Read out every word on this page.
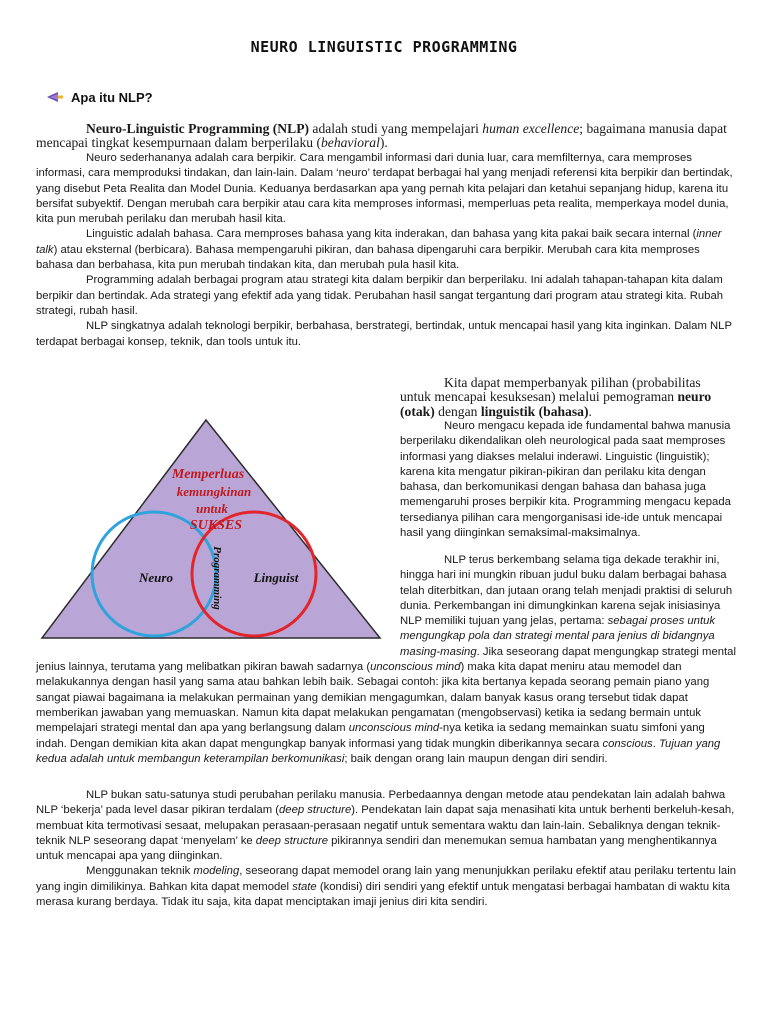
NEURO LINGUISTIC PROGRAMMING
Apa itu NLP?
Neuro-Linguistic Programming (NLP) adalah studi yang mempelajari human excellence; bagaimana manusia dapat mencapai tingkat kesempurnaan dalam berperilaku (behavioral).

Neuro sederhananya adalah cara berpikir. Cara mengambil informasi dari dunia luar, cara memfilternya, cara memproses informasi, cara memproduksi tindakan, dan lain-lain. Dalam ‘neuro’ terdapat berbagai hal yang menjadi referensi kita berpikir dan bertindak, yang disebut Peta Realita dan Model Dunia. Keduanya berdasarkan apa yang pernah kita pelajari dan ketahui sepanjang hidup, karena itu bersifat subyektif. Dengan merubah cara berpikir atau cara kita memproses informasi, memperluas peta realita, memperkaya model dunia, kita pun merubah perilaku dan merubah hasil kita.

Linguistic adalah bahasa. Cara memproses bahasa yang kita inderakan, dan bahasa yang kita pakai baik secara internal (inner talk) atau eksternal (berbicara). Bahasa mempengaruhi pikiran, dan bahasa dipengaruhi cara berpikir. Merubah cara kita memproses bahasa dan berbahasa, kita pun merubah tindakan kita, dan merubah pula hasil kita.

Programming adalah berbagai program atau strategi kita dalam berpikir dan berperilaku. Ini adalah tahapan-tahapan kita dalam berpikir dan bertindak. Ada strategi yang efektif ada yang tidak. Perubahan hasil sangat tergantung dari program atau strategi kita. Rubah strategi, rubah hasil.

NLP singkatnya adalah teknologi berpikir, berbahasa, berstrategi, bertindak, untuk mencapai hasil yang kita inginkan. Dalam NLP terdapat berbagai konsep, teknik, dan tools untuk itu.

Memperluas
kemungkinan
untuk
SUKSES
Neuro	Linguist
Programming
Kita dapat memperbanyak pilihan (probabilitas untuk mencapai kesuksesan) melalui pemograman neuro (otak) dengan linguistik (bahasa).
Neuro mengacu kepada ide fundamental bahwa manusia berperilaku dikendalikan oleh neurological pada saat memproses informasi yang diakses melalui inderawi. Linguistic (linguistik); karena kita mengatur pikiran-pikiran dan perilaku kita dengan bahasa, dan berkomunikasi dengan bahasa dan bahasa juga memengaruhi proses berpikir kita. Programming mengacu kepada tersedianya pilihan cara mengorganisasi ide-ide untuk mencapai hasil yang diinginkan semaksimal-maksimalnya.
NLP terus berkembang selama tiga dekade terakhir ini, hingga hari ini mungkin ribuan judul buku dalam berbagai bahasa telah diterbitkan, dan jutaan orang telah menjadi praktisi di seluruh dunia. Perkembangan ini dimungkinkan karena sejak inisiasinya NLP memiliki tujuan yang jelas, pertama: sebagai proses untuk mengungkap pola dan strategi mental para jenius di bidangnya masing-masing. Jika seseorang dapat mengungkap strategi mental jenius lainnya, terutama yang melibatkan pikiran bawah sadarnya (unconscious mind) maka kita dapat meniru atau memodel dan melakukannya dengan hasil yang sama atau bahkan lebih baik. Sebagai contoh: jika kita bertanya kepada seorang pemain piano yang sangat piawai bagaimana ia melakukan permainan yang demikian mengagumkan, dalam banyak kasus orang tersebut tidak dapat memberikan jawaban yang memuaskan. Namun kita dapat melakukan pengamatan (mengobservasi) ketika ia sedang bermain untuk mempelajari strategi mental dan apa yang berlangsung dalam unconscious mind-nya ketika ia sedang memainkan suatu simfoni yang indah. Dengan demikian kita akan dapat mengungkap banyak informasi yang tidak mungkin diberikannya secara conscious. Tujuan yang kedua adalah untuk membangun keterampilan berkomunikasi; baik dengan orang lain maupun dengan diri sendiri.

NLP bukan satu-satunya studi perubahan perilaku manusia. Perbedaannya dengan metode atau pendekatan lain adalah bahwa NLP ‘bekerja’ pada level dasar pikiran terdalam (deep structure). Pendekatan lain dapat saja menasihati kita untuk berhenti berkeluh-kesah, membuat kita termotivasi sesaat, melupakan perasaan-perasaan negatif untuk sementara waktu dan lain-lain. Sebaliknya dengan teknik-teknik NLP seseorang dapat ‘menyelam’ ke deep structure pikirannya sendiri dan menemukan semua hambatan yang menghentikannya untuk mencapai apa yang diinginkan.

Menggunakan teknik modeling, seseorang dapat memodel orang lain yang menunjukkan perilaku efektif atau perilaku tertentu lain yang ingin dimilikinya. Bahkan kita dapat memodel state (kondisi) diri sendiri yang efektif untuk mengatasi berbagai hambatan di waktu kita merasa kurang berdaya. Tidak itu saja, kita dapat menciptakan imaji jenius diri kita sendiri.
